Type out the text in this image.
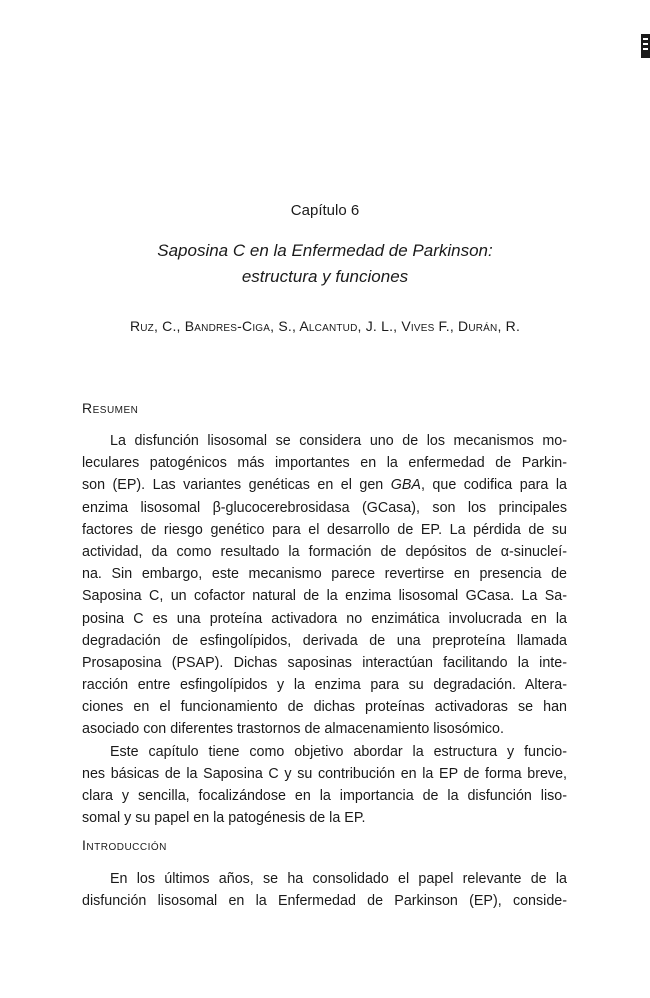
Capítulo 6
Saposina C en la Enfermedad de Parkinson:
estructura y funciones

Ruz, C., Bandres-Ciga, S., Alcantud, J. L., Vives F., Durán, R.

Resumen
La disfunción lisosomal se considera uno de los mecanismos mo-
leculares patogénicos más importantes en la enfermedad de Parkin-
son (EP). Las variantes genéticas en el gen GBA, que codifica para la
enzima lisosomal β-glucocerebrosidasa (GCasa), son los principales
factores de riesgo genético para el desarrollo de EP. La pérdida de su
actividad, da como resultado la formación de depósitos de α-sinucleí-
na. Sin embargo, este mecanismo parece revertirse en presencia de
Saposina C, un cofactor natural de la enzima lisosomal GCasa. La Sa-
posina C es una proteína activadora no enzimática involucrada en la
degradación de esfingolípidos, derivada de una preproteína llamada
Prosaposina (PSAP). Dichas saposinas interactúan facilitando la inte-
racción entre esfingolípidos y la enzima para su degradación. Altera-
ciones en el funcionamiento de dichas proteínas activadoras se han
asociado con diferentes trastornos de almacenamiento lisosómico.
Este capítulo tiene como objetivo abordar la estructura y funcio-
nes básicas de la Saposina C y su contribución en la EP de forma breve,
clara y sencilla, focalizándose en la importancia de la disfunción liso-
somal y su papel en la patogénesis de la EP.
Introducción
En los últimos años, se ha consolidado el papel relevante de la
disfunción lisosomal en la Enfermedad de Parkinson (EP), conside-
